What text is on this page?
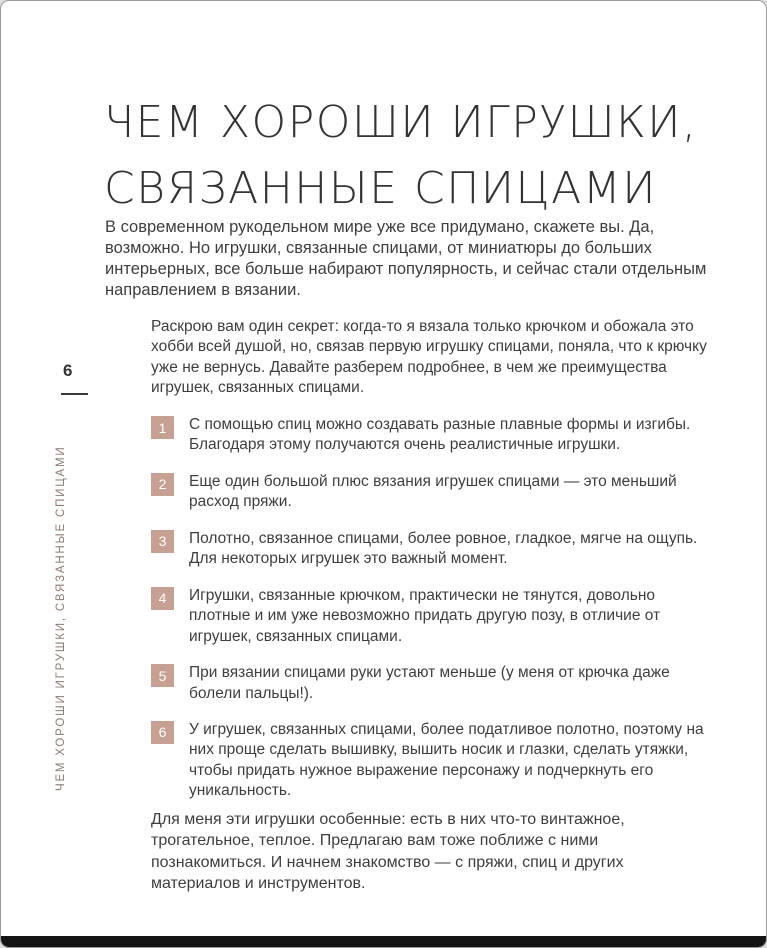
ЧЕМ ХОРОШИ ИГРУШКИ,
СВЯЗАННЫЕ СПИЦАМИ

В современном рукодельном мире уже все придумано, скажете вы. Да, возможно. Но игрушки, связанные спицами, от миниатюры до больших интерьерных, все больше набирают популярность, и сейчас стали отдельным направлением в вязании.

Раскрою вам один секрет: когда-то я вязала только крючком и обожала это хобби всей душой, но, связав первую игрушку спицами, поняла, что к крючку уже не вернусь. Давайте разберем подробнее, в чем же преимущества игрушек, связанных спицами.

1	С помощью спиц можно создавать разные плавные формы и изгибы. Благодаря этому получаются очень реалистичные игрушки.

2	Еще один большой плюс вязания игрушек спицами — это меньший расход пряжи.

3	Полотно, связанное спицами, более ровное, гладкое, мягче на ощупь. Для некоторых игрушек это важный момент.

4	Игрушки, связанные крючком, практически не тянутся, довольно плотные и им уже невозможно придать другую позу, в отличие от игрушек, связанных спицами.

5	При вязании спицами руки устают меньше (у меня от крючка даже болели пальцы!).

6	У игрушек, связанных спицами, более податливое полотно, поэтому на них проще сделать вышивку, вышить носик и глазки, сделать утяжки, чтобы придать нужное выражение персонажу и подчеркнуть его уникальность.

Для меня эти игрушки особенные: есть в них что-то винтажное, трогательное, теплое. Предлагаю вам тоже поближе с ними познакомиться. И начнем знакомство — с пряжи, спиц и других материалов и инструментов.

6
ЧЕМ ХОРОШИ ИГРУШКИ, СВЯЗАННЫЕ СПИЦАМИ
